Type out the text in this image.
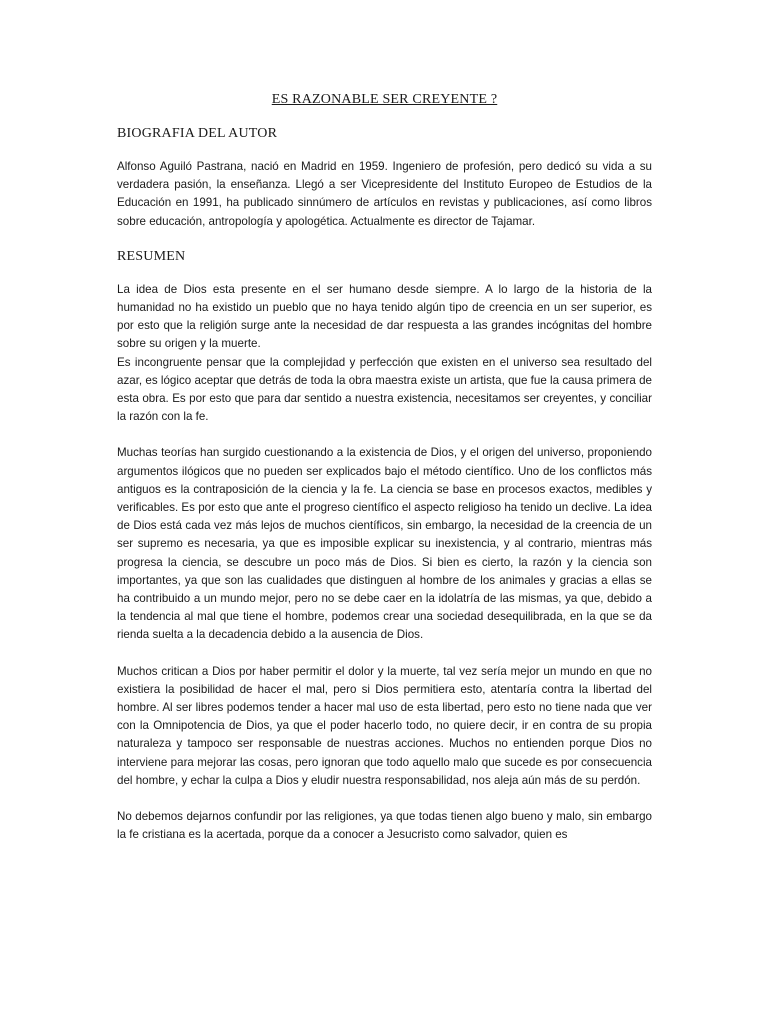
ES RAZONABLE SER CREYENTE ?
BIOGRAFIA DEL AUTOR

Alfonso Aguiló Pastrana, nació en Madrid en 1959. Ingeniero de profesión, pero dedicó su vida a su verdadera pasión, la enseñanza. Llegó a ser Vicepresidente del Instituto Europeo de Estudios de la Educación en 1991, ha publicado sinnúmero de artículos en revistas y publicaciones, así como libros sobre educación, antropología y apologética. Actualmente es director de Tajamar.

RESUMEN

La idea de Dios esta presente en el ser humano desde siempre. A lo largo de la historia de la humanidad no ha existido un pueblo que no haya tenido algún tipo de creencia en un ser superior, es por esto que la religión surge ante la necesidad de dar respuesta a las grandes incógnitas del hombre sobre su origen y la muerte.

Es incongruente pensar que la complejidad y perfección que existen en el universo sea resultado del azar, es lógico aceptar que detrás de toda la obra maestra existe un artista, que fue la causa primera de esta obra. Es por esto que para dar sentido a nuestra existencia, necesitamos ser creyentes, y conciliar la razón con la fe.

Muchas teorías han surgido cuestionando a la existencia de Dios, y el origen del universo, proponiendo argumentos ilógicos que no pueden ser explicados bajo el método científico. Uno de los conflictos más antiguos es la contraposición de la ciencia y la fe. La ciencia se base en procesos exactos, medibles y verificables. Es por esto que ante el progreso científico el aspecto religioso ha tenido un declive. La idea de Dios está cada vez más lejos de muchos científicos, sin embargo, la necesidad de la creencia de un ser supremo es necesaria, ya que es imposible explicar su inexistencia, y al contrario, mientras más progresa la ciencia, se descubre un poco más de Dios. Si bien es cierto, la razón y la ciencia son importantes, ya que son las cualidades que distinguen al hombre de los animales y gracias a ellas se ha contribuido a un mundo mejor, pero no se debe caer en la idolatría de las mismas, ya que, debido a la tendencia al mal que tiene el hombre, podemos crear una sociedad desequilibrada, en la que se da rienda suelta a la decadencia debido a la ausencia de Dios.

Muchos critican a Dios por haber permitir el dolor y la muerte, tal vez sería mejor un mundo en que no existiera la posibilidad de hacer el mal, pero si Dios permitiera esto, atentaría contra la libertad del hombre. Al ser libres podemos tender a hacer mal uso de esta libertad, pero esto no tiene nada que ver con la Omnipotencia de Dios, ya que el poder hacerlo todo, no quiere decir, ir en contra de su propia naturaleza y tampoco ser responsable de nuestras acciones. Muchos no entienden porque Dios no interviene para mejorar las cosas, pero ignoran que todo aquello malo que sucede es por consecuencia del hombre, y echar la culpa a Dios y eludir nuestra responsabilidad, nos aleja aún más de su perdón.

No debemos dejarnos confundir por las religiones, ya que todas tienen algo bueno y malo, sin embargo la fe cristiana es la acertada, porque da a conocer a Jesucristo como salvador, quien es
